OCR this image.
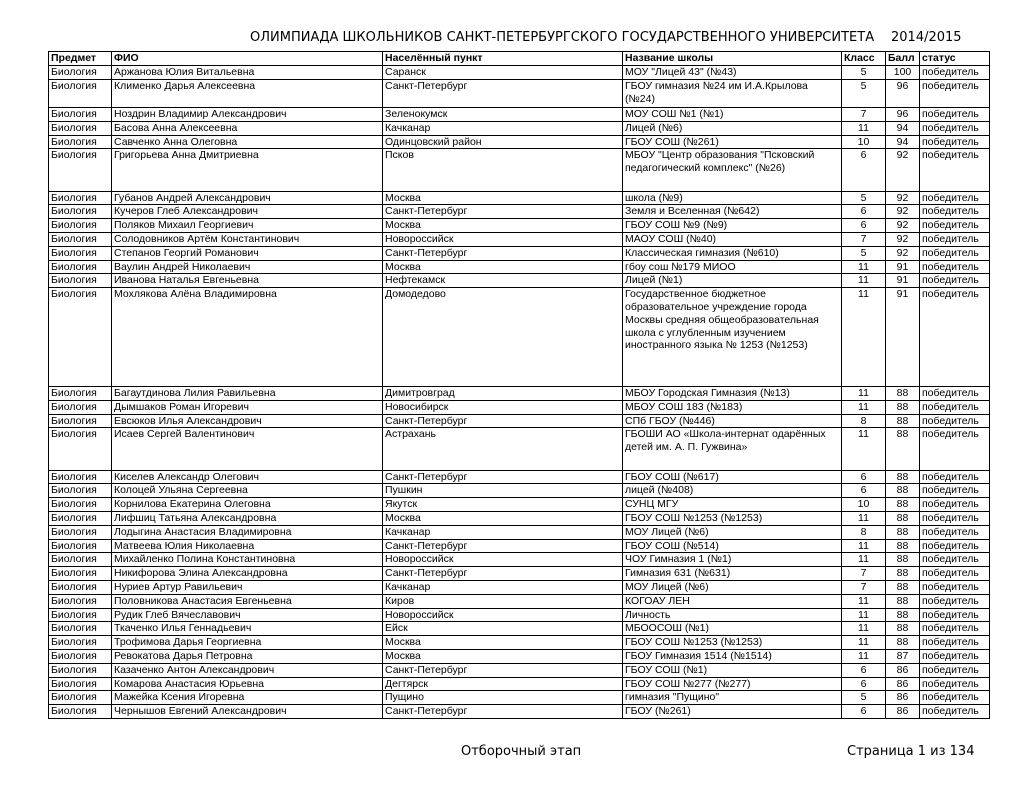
ОЛИМПИАДА ШКОЛЬНИКОВ САНКТ-ПЕТЕРБУРГСКОГО ГОСУДАРСТВЕННОГО УНИВЕРСИТЕТА 2014/2015
Предмет	ФИО	Населённый пункт	Название школы	Класс	Балл	статус
Биология	Аржанова Юлия Витальевна	Саранск	МОУ "Лицей 43" (№43)	5	100	победитель
Биология	Клименко Дарья Алексеевна	Санкт-Петербург	ГБОУ гимназия №24 им И.А.Крылова (№24)	5	96	победитель
Биология	Ноздрин Владимир Александрович	Зеленокумск	МОУ СОШ №1 (№1)	7	96	победитель
Биология	Басова Анна Алексеевна	Качканар	Лицей (№6)	11	94	победитель
Биология	Савченко Анна Олеговна	Одинцовский район	ГБОУ СОШ (№261)	10	94	победитель
Биология	Григорьева Анна Дмитриевна	Псков	МБОУ "Центр образования "Псковский педагогический комплекс" (№26)	6	92	победитель
Биология	Губанов Андрей Александрович	Москва	школа (№9)	5	92	победитель
Биология	Кучеров Глеб Александрович	Санкт-Петербург	Земля и Вселенная (№642)	6	92	победитель
Биология	Поляков Михаил Георгиевич	Москва	ГБОУ СОШ №9 (№9)	6	92	победитель
Биология	Солодовников Артём Константинович	Новороссийск	МАОУ СОШ (№40)	7	92	победитель
Биология	Степанов Георгий Романович	Санкт-Петербург	Классическая гимназия (№610)	5	92	победитель
Биология	Ваулин Андрей Николаевич	Москва	гбоу сош №179 МИОО	11	91	победитель
Биология	Иванова Наталья Евгеньевна	Нефтекамск	Лицей (№1)	11	91	победитель
Биология	Мохлякова Алёна Владимировна	Домодедово	Государственное бюджетное образовательное учреждение города Москвы средняя общеобразовательная школа с углубленным изучением иностранного языка № 1253 (№1253)	11	91	победитель
Биология	Багаутдинова Лилия Равильевна	Димитровград	МБОУ Городская Гимназия (№13)	11	88	победитель
Биология	Дымшаков Роман Игоревич	Новосибирск	МБОУ СОШ 183 (№183)	11	88	победитель
Биология	Евсюков Илья Александрович	Санкт-Петербург	СПб ГБОУ (№446)	8	88	победитель
Биология	Исаев Сергей Валентинович	Астрахань	ГБОШИ АО «Школа-интернат одарённых детей им. А. П. Гужвина»	11	88	победитель
Биология	Киселев Александр Олегович	Санкт-Петербург	ГБОУ СОШ (№617)	6	88	победитель
Биология	Колоцей Ульяна Сергеевна	Пушкин	лицей (№408)	6	88	победитель
Биология	Корнилова Екатерина Олеговна	Якутск	СУНЦ МГУ	10	88	победитель
Биология	Лифшиц Татьяна Александровна	Москва	ГБОУ СОШ №1253 (№1253)	11	88	победитель
Биология	Лодыгина Анастасия Владимировна	Качканар	МОУ Лицей (№6)	8	88	победитель
Биология	Матвеева Юлия Николаевна	Санкт-Петербург	ГБОУ СОШ (№514)	11	88	победитель
Биология	Михайленко Полина Константиновна	Новороссийск	ЧОУ Гимназия 1 (№1)	11	88	победитель
Биология	Никифорова Элина Александровна	Санкт-Петербург	Гимназия 631 (№631)	7	88	победитель
Биология	Нуриев Артур Равильевич	Качканар	МОУ Лицей (№6)	7	88	победитель
Биология	Половникова Анастасия Евгеньевна	Киров	КОГОАУ ЛЕН	11	88	победитель
Биология	Рудик Глеб Вячеславович	Новороссийск	Личность	11	88	победитель
Биология	Ткаченко Илья Геннадьевич	Ейск	МБООСОШ (№1)	11	88	победитель
Биология	Трофимова Дарья Георгиевна	Москва	ГБОУ СОШ №1253 (№1253)	11	88	победитель
Биология	Ревокатова Дарья Петровна	Москва	ГБОУ Гимназия 1514 (№1514)	11	87	победитель
Биология	Казаченко Антон Александрович	Санкт-Петербург	ГБОУ СОШ (№1)	6	86	победитель
Биология	Комарова Анастасия Юрьевна	Дегтярск	ГБОУ СОШ №277 (№277)	6	86	победитель
Биология	Мажейка Ксения Игоревна	Пущино	гимназия "Пущино"	5	86	победитель
Биология	Чернышов Евгений Александрович	Санкт-Петербург	ГБОУ (№261)	6	86	победитель
Отборочный этап	Страница 1 из 134
